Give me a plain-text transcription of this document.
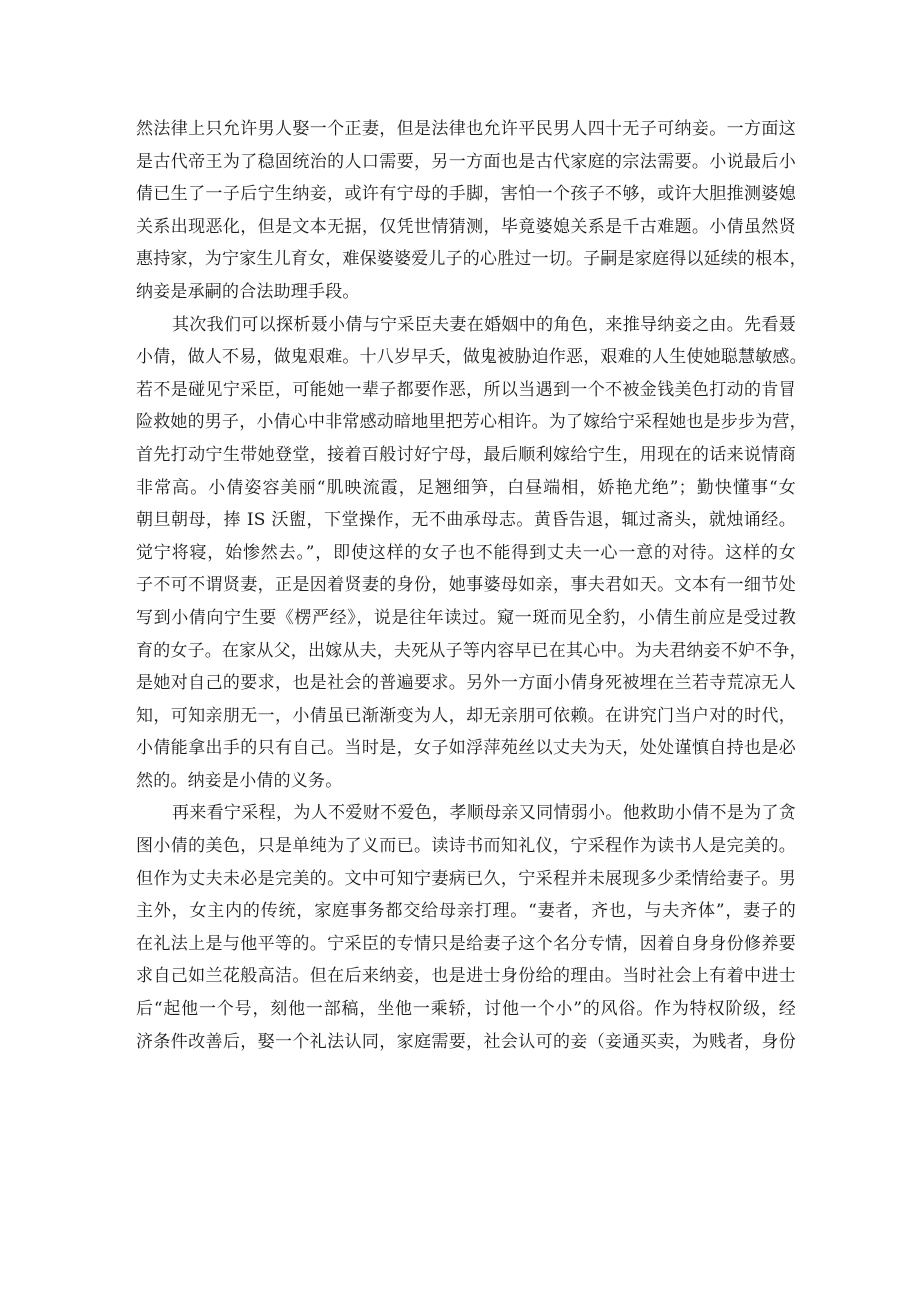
然法律上只允许男人娶一个正妻，但是法律也允许平民男人四十无子可纳妾。一方面这
是古代帝王为了稳固统治的人口需要，另一方面也是古代家庭的宗法需要。小说最后小
倩已生了一子后宁生纳妾，或许有宁母的手脚，害怕一个孩子不够，或许大胆推测婆媳
关系出现恶化，但是文本无据，仅凭世情猜测，毕竟婆媳关系是千古难题。小倩虽然贤
惠持家，为宁家生儿育女，难保婆婆爱儿子的心胜过一切。子嗣是家庭得以延续的根本，
纳妾是承嗣的合法助理手段。
其次我们可以探析聂小倩与宁采臣夫妻在婚姻中的角色，来推导纳妾之由。先看聂
小倩，做人不易，做鬼艰难。十八岁早夭，做鬼被胁迫作恶，艰难的人生使她聪慧敏感。
若不是碰见宁采臣，可能她一辈子都要作恶，所以当遇到一个不被金钱美色打动的肯冒
险救她的男子，小倩心中非常感动暗地里把芳心相许。为了嫁给宁采程她也是步步为营，
首先打动宁生带她登堂，接着百般讨好宁母，最后顺利嫁给宁生，用现在的话来说情商
非常高。小倩姿容美丽“肌映流霞，足翘细笋，白昼端相，娇艳尤绝”；勤快懂事“女
朝旦朝母，捧 IS 沃盥，下堂操作，无不曲承母志。黄昏告退，辄过斋头，就烛诵经。
觉宁将寝，始惨然去。”，即使这样的女子也不能得到丈夫一心一意的对待。这样的女
子不可不谓贤妻，正是因着贤妻的身份，她事婆母如亲，事夫君如天。文本有一细节处
写到小倩向宁生要《楞严经》，说是往年读过。窥一斑而见全豹，小倩生前应是受过教
育的女子。在家从父，出嫁从夫，夫死从子等内容早已在其心中。为夫君纳妾不妒不争，
是她对自己的要求，也是社会的普遍要求。另外一方面小倩身死被埋在兰若寺荒凉无人
知，可知亲朋无一，小倩虽已渐渐变为人，却无亲朋可依赖。在讲究门当户对的时代，
小倩能拿出手的只有自己。当时是，女子如浮萍苑丝以丈夫为天，处处谨慎自持也是必
然的。纳妾是小倩的义务。
再来看宁采程，为人不爱财不爱色，孝顺母亲又同情弱小。他救助小倩不是为了贪
图小倩的美色，只是单纯为了义而已。读诗书而知礼仪，宁采程作为读书人是完美的。
但作为丈夫未必是完美的。文中可知宁妻病已久，宁采程并未展现多少柔情给妻子。男
主外，女主内的传统，家庭事务都交给母亲打理。“妻者，齐也，与夫齐体”，妻子的
在礼法上是与他平等的。宁采臣的专情只是给妻子这个名分专情，因着自身身份修养要
求自己如兰花般高洁。但在后来纳妾，也是进士身份给的理由。当时社会上有着中进士
后“起他一个号，刻他一部稿，坐他一乘轿，讨他一个小”的风俗。作为特权阶级，经
济条件改善后，娶一个礼法认同，家庭需要，社会认可的妾（妾通买卖，为贱者，身份
